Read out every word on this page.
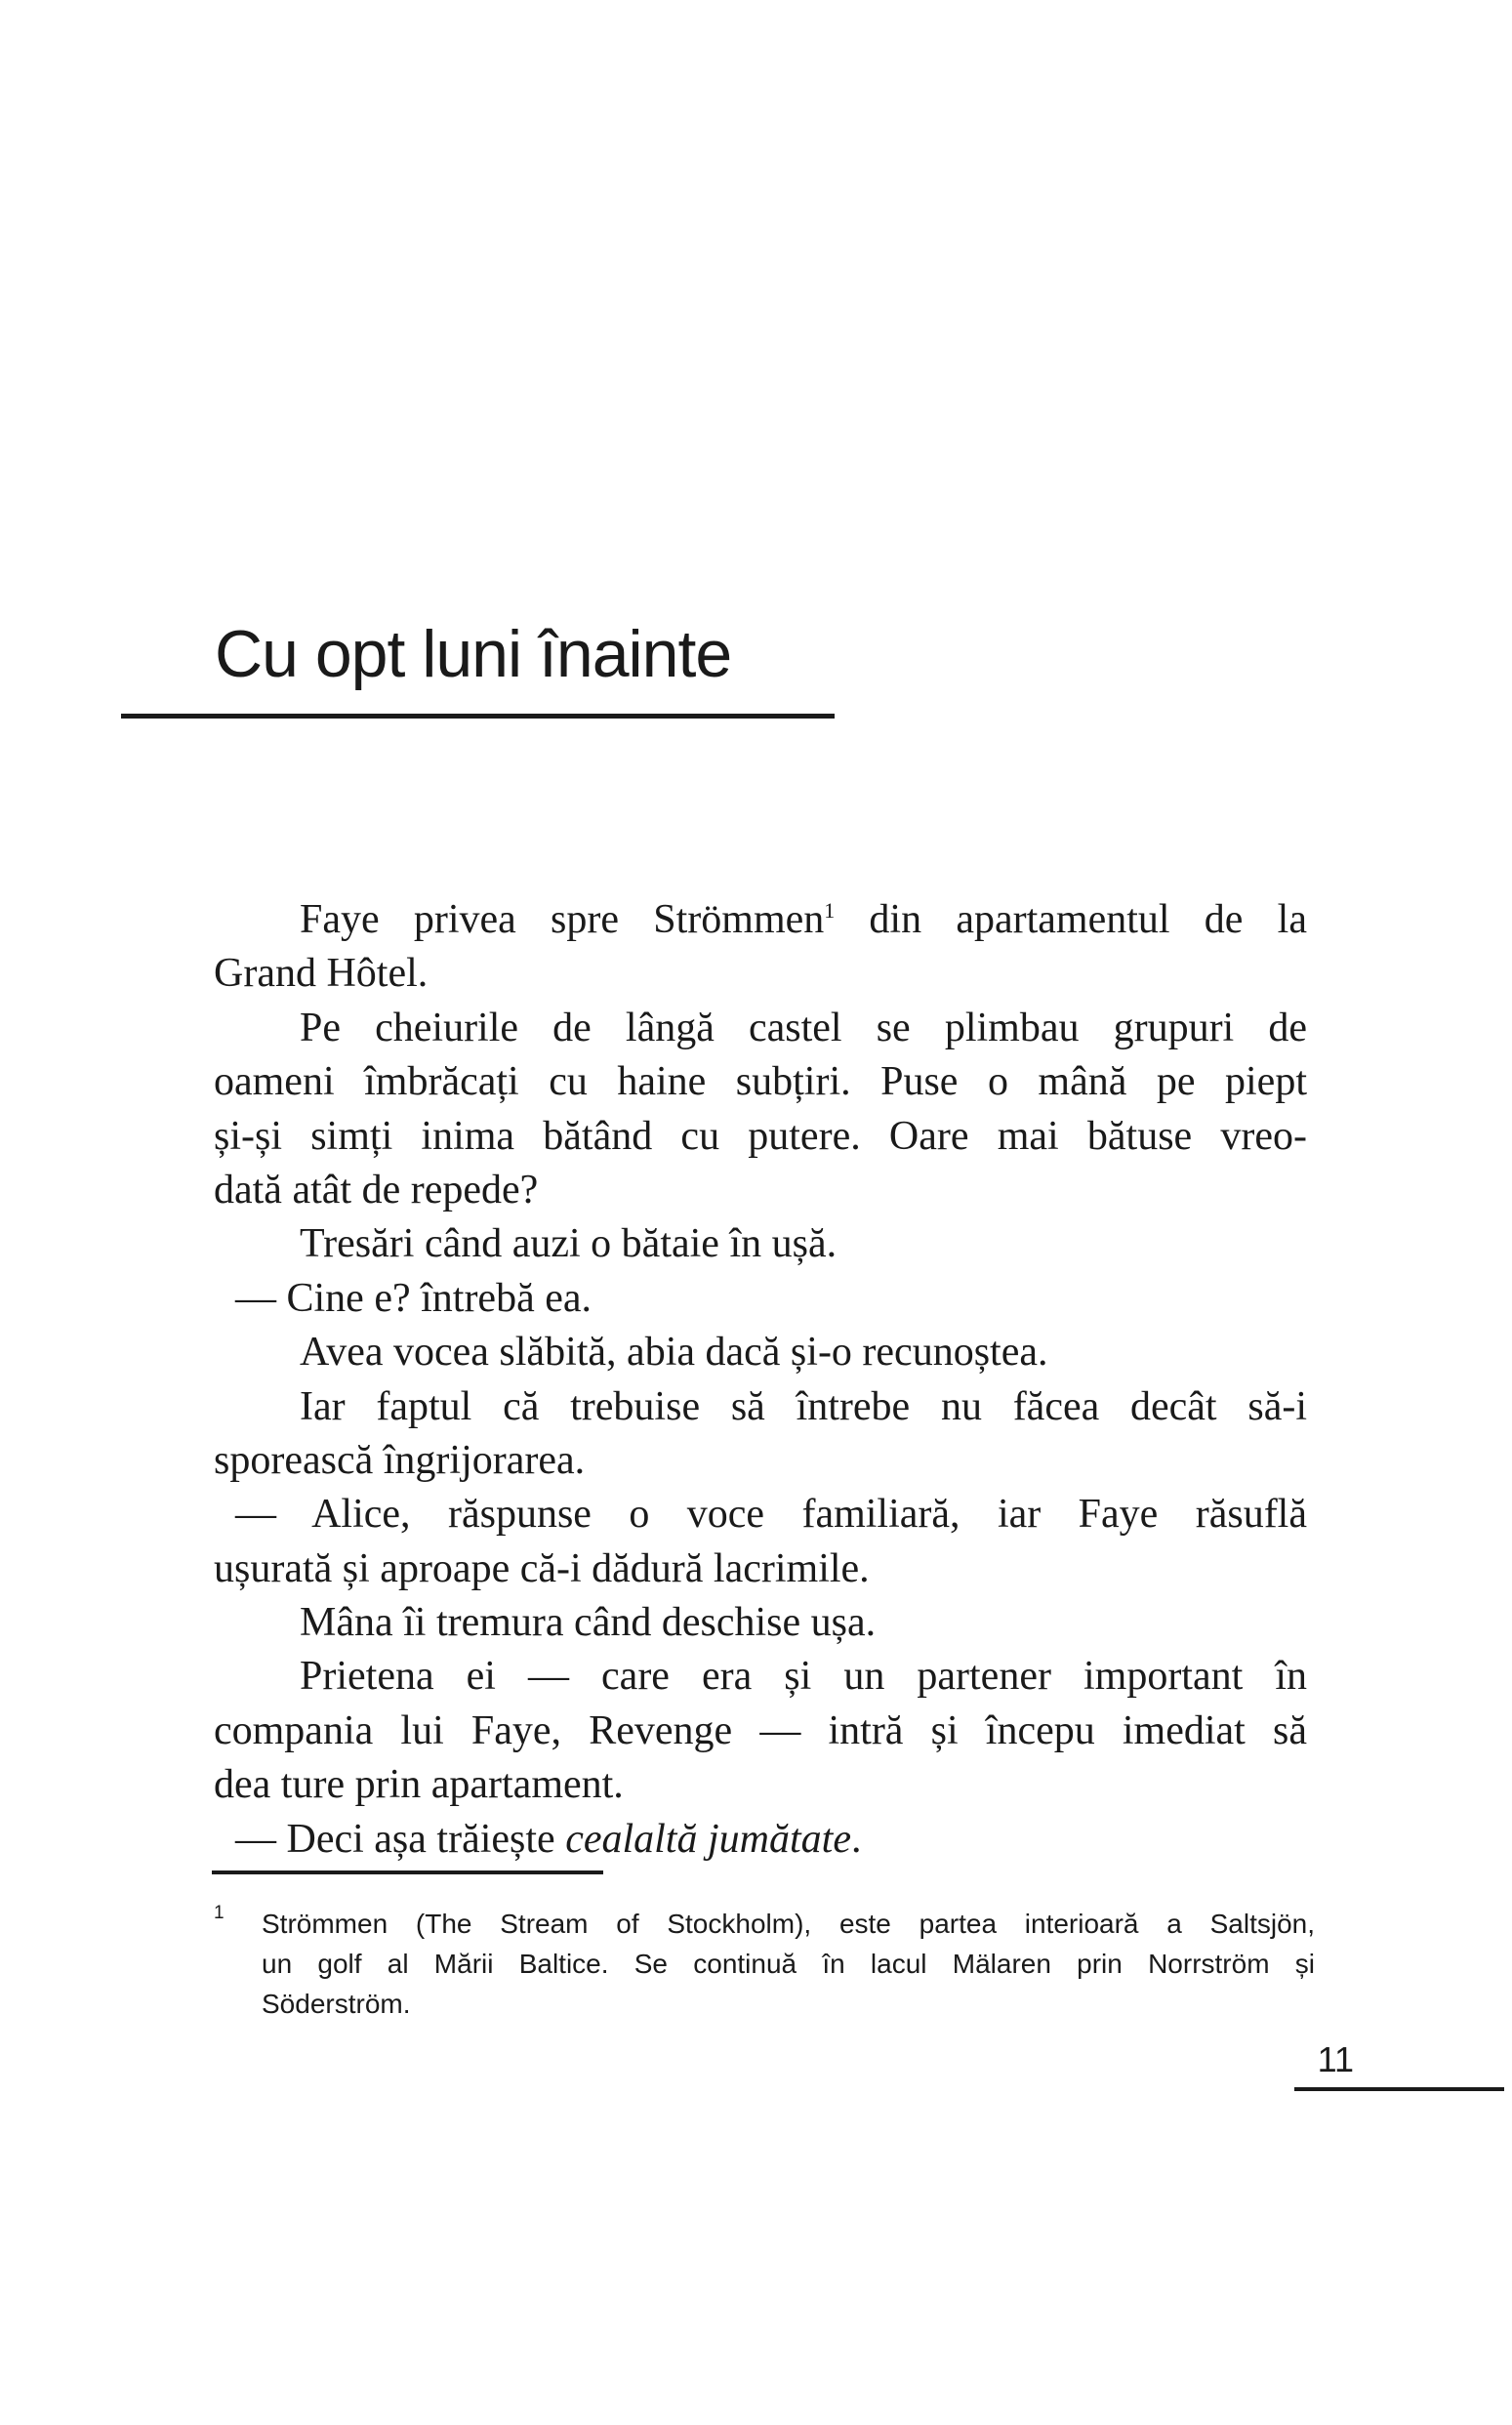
Cu opt luni înainte
Faye privea spre Strömmen$^1$ din apartamentul de la
Grand Hôtel.
Pe cheiurile de lângă castel se plimbau grupuri de
oameni îmbrăcați cu haine subțiri. Puse o mână pe piept
și-și simți inima bătând cu putere. Oare mai bătuse vreo-
dată atât de repede?
Tresări când auzi o bătaie în ușă.
— Cine e? întrebă ea.
Avea vocea slăbită, abia dacă și-o recunoștea.
Iar faptul că trebuise să întrebe nu făcea decât să-i
sporească îngrijorarea.
— Alice, răspunse o voce familiară, iar Faye răsuflă
ușurată și aproape că-i dădură lacrimile.
Mâna îi tremura când deschise ușa.
Prietena ei — care era și un partener important în
compania lui Faye, Revenge — intră și începu imediat să
dea ture prin apartament.
— Deci așa trăiește cealaltă jumătate.
1 Strömmen (The Stream of Stockholm), este partea interioară a Saltsjön,
un golf al Mării Baltice. Se continuă în lacul Mälaren prin Norrström și
Söderström.
11
